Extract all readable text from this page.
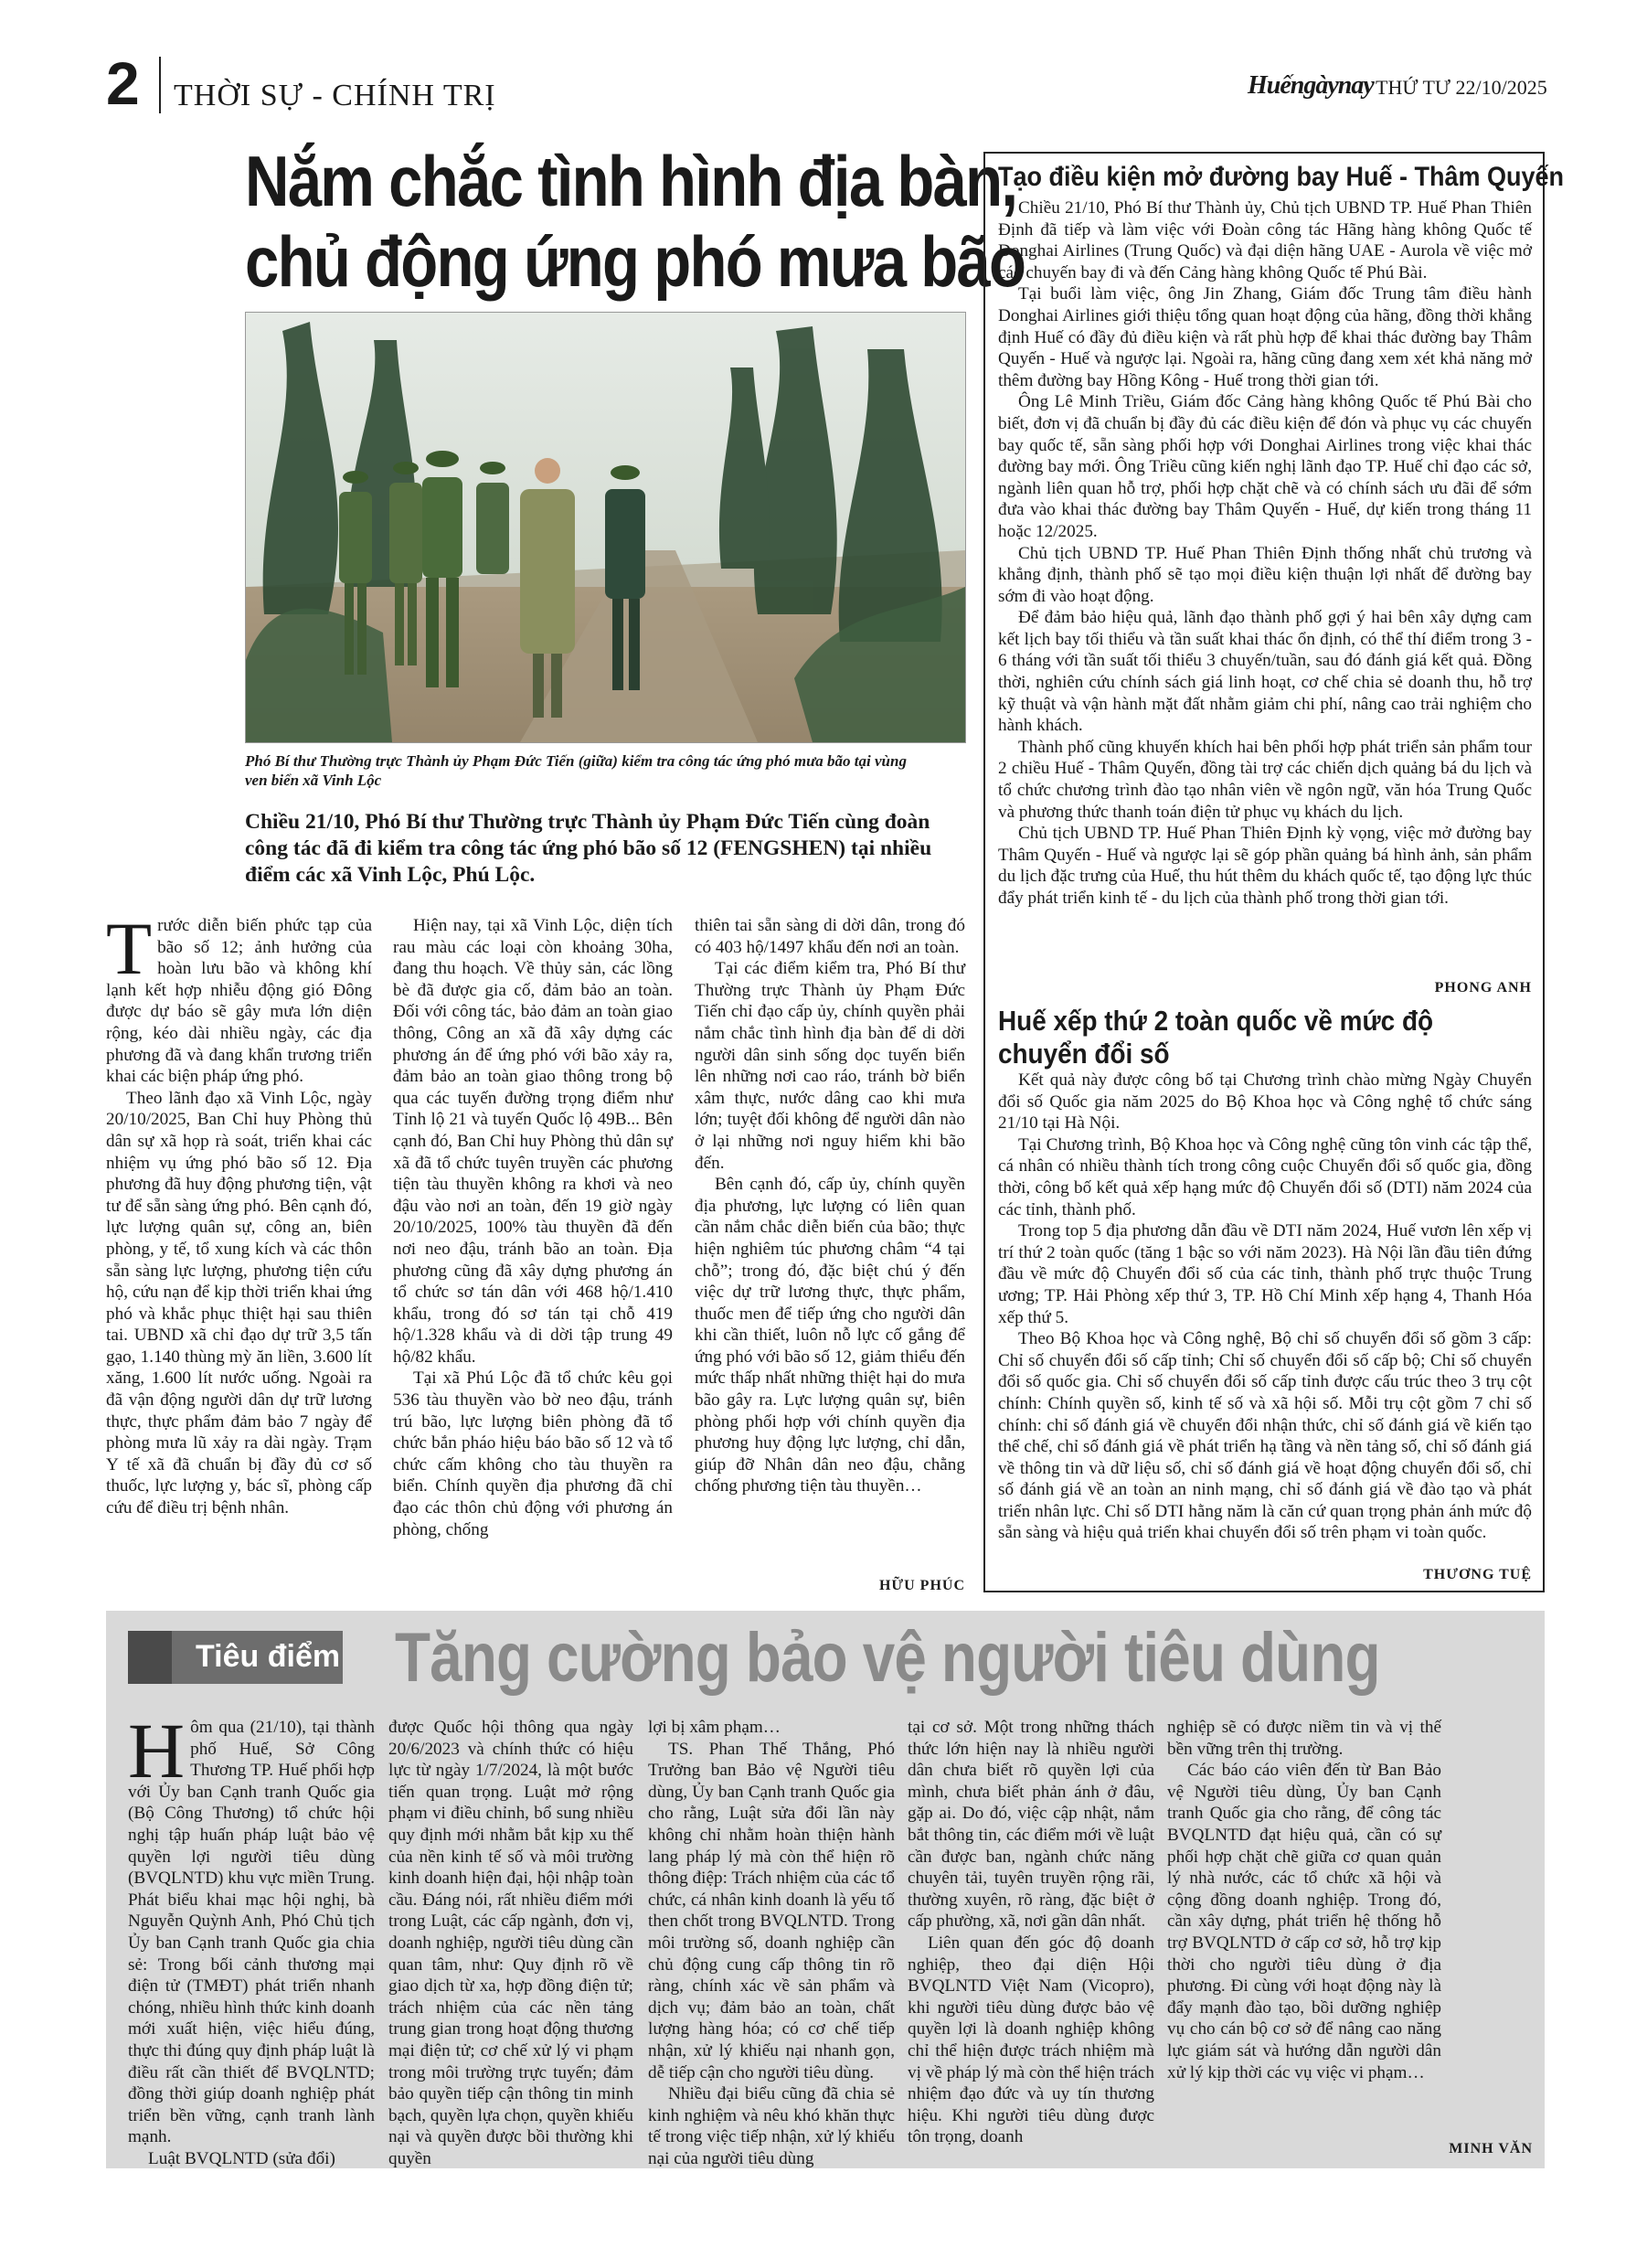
2 THỜI SỰ - CHÍNH TRỊ	Huếngàynay THỨ TƯ 22/10/2025
Nắm chắc tình hình địa bàn,
chủ động ứng phó mưa bão
Phó Bí thư Thường trực Thành ủy Phạm Đức Tiến (giữa) kiểm tra công tác ứng phó mưa bão tại vùng ven biển xã Vinh Lộc
Chiều 21/10, Phó Bí thư Thường trực Thành ủy Phạm Đức Tiến cùng đoàn công tác đã đi kiểm tra công tác ứng phó bão số 12 (FENGSHEN) tại nhiều điểm các xã Vinh Lộc, Phú Lộc.

Trước diễn biến phức tạp của bão số 12; ảnh hưởng của hoàn lưu bão và không khí lạnh kết hợp nhiễu động gió Đông được dự báo sẽ gây mưa lớn diện rộng, kéo dài nhiều ngày, các địa phương đã và đang khẩn trương triển khai các biện pháp ứng phó.

Theo lãnh đạo xã Vinh Lộc, ngày 20/10/2025, Ban Chỉ huy Phòng thủ dân sự xã họp rà soát, triển khai các nhiệm vụ ứng phó bão số 12. Địa phương đã huy động phương tiện, vật tư để sẵn sàng ứng phó. Bên cạnh đó, lực lượng quân sự, công an, biên phòng, y tế, tổ xung kích và các thôn sẵn sàng lực lượng, phương tiện cứu hộ, cứu nạn để kịp thời triển khai ứng phó và khắc phục thiệt hại sau thiên tai. UBND xã chỉ đạo dự trữ 3,5 tấn gạo, 1.140 thùng mỳ ăn liền, 3.600 lít xăng, 1.600 lít nước uống. Ngoài ra đã vận động người dân dự trữ lương thực, thực phẩm đảm bảo 7 ngày để phòng mưa lũ xảy ra dài ngày. Trạm Y tế xã đã chuẩn bị đầy đủ cơ số thuốc, lực lượng y, bác sĩ, phòng cấp cứu để điều trị bệnh nhân.

Hiện nay, tại xã Vinh Lộc, diện tích rau màu các loại còn khoảng 30ha, đang thu hoạch. Về thủy sản, các lồng bè đã được gia cố, đảm bảo an toàn. Đối với công tác, bảo đảm an toàn giao thông, Công an xã đã xây dựng các phương án để ứng phó với bão xảy ra, đảm bảo an toàn giao thông trong bộ qua các tuyến đường trọng điểm như Tỉnh lộ 21 và tuyến Quốc lộ 49B... Bên cạnh đó, Ban Chỉ huy Phòng thủ dân sự xã đã tổ chức tuyên truyền các phương tiện tàu thuyền không ra khơi và neo đậu vào nơi an toàn, đến 19 giờ ngày 20/10/2025, 100% tàu thuyền đã đến nơi neo đậu, tránh bão an toàn. Địa phương cũng đã xây dựng phương án tổ chức sơ tán dân với 468 hộ/1.410 khẩu, trong đó sơ tán tại chỗ 419 hộ/1.328 khẩu và di dời tập trung 49 hộ/82 khẩu.

Tại xã Phú Lộc đã tổ chức kêu gọi 536 tàu thuyền vào bờ neo đậu, tránh trú bão, lực lượng biên phòng đã tổ chức bắn pháo hiệu báo bão số 12 và tổ chức cấm không cho tàu thuyền ra biển. Chính quyền địa phương đã chỉ đạo các thôn chủ động với phương án phòng, chống

thiên tai sẵn sàng di dời dân, trong đó có 403 hộ/1497 khẩu đến nơi an toàn.

Tại các điểm kiểm tra, Phó Bí thư Thường trực Thành ủy Phạm Đức Tiến chỉ đạo cấp ủy, chính quyền phải nắm chắc tình hình địa bàn để di dời người dân sinh sống dọc tuyến biển lên những nơi cao ráo, tránh bờ biển xâm thực, nước dâng cao khi mưa lớn; tuyệt đối không để người dân nào ở lại những nơi nguy hiểm khi bão đến.

Bên cạnh đó, cấp ủy, chính quyền địa phương, lực lượng có liên quan cần nắm chắc diễn biến của bão; thực hiện nghiêm túc phương châm “4 tại chỗ”; trong đó, đặc biệt chú ý đến việc dự trữ lương thực, thực phẩm, thuốc men để tiếp ứng cho người dân khi cần thiết, luôn nỗ lực cố gắng để ứng phó với bão số 12, giảm thiểu đến mức thấp nhất những thiệt hại do mưa bão gây ra. Lực lượng quân sự, biên phòng phối hợp với chính quyền địa phương huy động lực lượng, chỉ dẫn, giúp đỡ Nhân dân neo đậu, chằng chống phương tiện tàu thuyền…

HỮU PHÚC
Tạo điều kiện mở đường bay Huế - Thâm Quyến

Chiều 21/10, Phó Bí thư Thành ủy, Chủ tịch UBND TP. Huế Phan Thiên Định đã tiếp và làm việc với Đoàn công tác Hãng hàng không Quốc tế Donghai Airlines (Trung Quốc) và đại diện hãng UAE - Aurola về việc mở các chuyến bay đi và đến Cảng hàng không Quốc tế Phú Bài.

Tại buổi làm việc, ông Jin Zhang, Giám đốc Trung tâm điều hành Donghai Airlines giới thiệu tổng quan hoạt động của hãng, đồng thời khẳng định Huế có đầy đủ điều kiện và rất phù hợp để khai thác đường bay Thâm Quyến - Huế và ngược lại. Ngoài ra, hãng cũng đang xem xét khả năng mở thêm đường bay Hồng Kông - Huế trong thời gian tới.

Ông Lê Minh Triều, Giám đốc Cảng hàng không Quốc tế Phú Bài cho biết, đơn vị đã chuẩn bị đầy đủ các điều kiện để đón và phục vụ các chuyến bay quốc tế, sẵn sàng phối hợp với Donghai Airlines trong việc khai thác đường bay mới. Ông Triều cũng kiến nghị lãnh đạo TP. Huế chỉ đạo các sở, ngành liên quan hỗ trợ, phối hợp chặt chẽ và có chính sách ưu đãi để sớm đưa vào khai thác đường bay Thâm Quyến - Huế, dự kiến trong tháng 11 hoặc 12/2025.

Chủ tịch UBND TP. Huế Phan Thiên Định thống nhất chủ trương và khẳng định, thành phố sẽ tạo mọi điều kiện thuận lợi nhất để đường bay sớm đi vào hoạt động.

Để đảm bảo hiệu quả, lãnh đạo thành phố gợi ý hai bên xây dựng cam kết lịch bay tối thiểu và tần suất khai thác ổn định, có thể thí điểm trong 3 - 6 tháng với tần suất tối thiểu 3 chuyến/tuần, sau đó đánh giá kết quả. Đồng thời, nghiên cứu chính sách giá linh hoạt, cơ chế chia sẻ doanh thu, hỗ trợ kỹ thuật và vận hành mặt đất nhằm giảm chi phí, nâng cao trải nghiệm cho hành khách.

Thành phố cũng khuyến khích hai bên phối hợp phát triển sản phẩm tour 2 chiều Huế - Thâm Quyến, đồng tài trợ các chiến dịch quảng bá du lịch và tổ chức chương trình đào tạo nhân viên về ngôn ngữ, văn hóa Trung Quốc và phương thức thanh toán điện tử phục vụ khách du lịch.

Chủ tịch UBND TP. Huế Phan Thiên Định kỳ vọng, việc mở đường bay Thâm Quyến - Huế và ngược lại sẽ góp phần quảng bá hình ảnh, sản phẩm du lịch đặc trưng của Huế, thu hút thêm du khách quốc tế, tạo động lực thúc đẩy phát triển kinh tế - du lịch của thành phố trong thời gian tới.

PHONG ANH
Huế xếp thứ 2 toàn quốc về mức độ
chuyển đổi số

Kết quả này được công bố tại Chương trình chào mừng Ngày Chuyển đổi số Quốc gia năm 2025 do Bộ Khoa học và Công nghệ tổ chức sáng 21/10 tại Hà Nội.

Tại Chương trình, Bộ Khoa học và Công nghệ cũng tôn vinh các tập thể, cá nhân có nhiều thành tích trong công cuộc Chuyển đổi số quốc gia, đồng thời, công bố kết quả xếp hạng mức độ Chuyển đổi số (DTI) năm 2024 của các tỉnh, thành phố.

Trong top 5 địa phương dẫn đầu về DTI năm 2024, Huế vươn lên xếp vị trí thứ 2 toàn quốc (tăng 1 bậc so với năm 2023). Hà Nội lần đầu tiên đứng đầu về mức độ Chuyển đổi số của các tỉnh, thành phố trực thuộc Trung ương; TP. Hải Phòng xếp thứ 3, TP. Hồ Chí Minh xếp hạng 4, Thanh Hóa xếp thứ 5.

Theo Bộ Khoa học và Công nghệ, Bộ chỉ số chuyển đổi số gồm 3 cấp: Chỉ số chuyển đổi số cấp tỉnh; Chỉ số chuyển đổi số cấp bộ; Chỉ số chuyển đổi số quốc gia. Chỉ số chuyển đổi số cấp tỉnh được cấu trúc theo 3 trụ cột chính: Chính quyền số, kinh tế số và xã hội số. Mỗi trụ cột gồm 7 chỉ số chính: chỉ số đánh giá về chuyển đổi nhận thức, chỉ số đánh giá về kiến tạo thể chế, chỉ số đánh giá về phát triển hạ tầng và nền tảng số, chỉ số đánh giá về thông tin và dữ liệu số, chỉ số đánh giá về hoạt động chuyển đổi số, chỉ số đánh giá về an toàn an ninh mạng, chỉ số đánh giá về đào tạo và phát triển nhân lực. Chỉ số DTI hằng năm là căn cứ quan trọng phản ánh mức độ sẵn sàng và hiệu quả triển khai chuyển đổi số trên phạm vi toàn quốc.

THƯƠNG TUỆ
Tiêu điểm Tăng cường bảo vệ người tiêu dùng

Hôm qua (21/10), tại thành phố Huế, Sở Công Thương TP. Huế phối hợp với Ủy ban Cạnh tranh Quốc gia (Bộ Công Thương) tổ chức hội nghị tập huấn pháp luật bảo vệ quyền lợi người tiêu dùng (BVQLNTD) khu vực miền Trung. Phát biểu khai mạc hội nghị, bà Nguyễn Quỳnh Anh, Phó Chủ tịch Ủy ban Cạnh tranh Quốc gia chia sẻ: Trong bối cảnh thương mại điện tử (TMĐT) phát triển nhanh chóng, nhiều hình thức kinh doanh mới xuất hiện, việc hiểu đúng, thực thi đúng quy định pháp luật là điều rất cần thiết để BVQLNTD; đồng thời giúp doanh nghiệp phát triển bền vững, cạnh tranh lành mạnh.

Luật BVQLNTD (sửa đổi)

được Quốc hội thông qua ngày 20/6/2023 và chính thức có hiệu lực từ ngày 1/7/2024, là một bước tiến quan trọng. Luật mở rộng phạm vi điều chỉnh, bổ sung nhiều quy định mới nhằm bắt kịp xu thế của nền kinh tế số và môi trường kinh doanh hiện đại, hội nhập toàn cầu. Đáng nói, rất nhiều điểm mới trong Luật, các cấp ngành, đơn vị, doanh nghiệp, người tiêu dùng cần quan tâm, như: Quy định rõ về giao dịch từ xa, hợp đồng điện tử; trách nhiệm của các nền tảng trung gian trong hoạt động thương mại điện tử; cơ chế xử lý vi phạm trong môi trường trực tuyến; đảm bảo quyền tiếp cận thông tin minh bạch, quyền lựa chọn, quyền khiếu nại và quyền được bồi thường khi quyền

lợi bị xâm phạm…

TS. Phan Thế Thắng, Phó Trưởng ban Bảo vệ Người tiêu dùng, Ủy ban Cạnh tranh Quốc gia cho rằng, Luật sửa đổi lần này không chỉ nhằm hoàn thiện hành lang pháp lý mà còn thể hiện rõ thông điệp: Trách nhiệm của các tổ chức, cá nhân kinh doanh là yếu tố then chốt trong BVQLNTD. Trong môi trường số, doanh nghiệp cần chủ động cung cấp thông tin rõ ràng, chính xác về sản phẩm và dịch vụ; đảm bảo an toàn, chất lượng hàng hóa; có cơ chế tiếp nhận, xử lý khiếu nại nhanh gọn, dễ tiếp cận cho người tiêu dùng.

Nhiều đại biểu cũng đã chia sẻ kinh nghiệm và nêu khó khăn thực tế trong việc tiếp nhận, xử lý khiếu nại của người tiêu dùng

tại cơ sở. Một trong những thách thức lớn hiện nay là nhiều người dân chưa biết rõ quyền lợi của mình, chưa biết phản ánh ở đâu, gặp ai. Do đó, việc cập nhật, nắm bắt thông tin, các điểm mới về luật cần được ban, ngành chức năng chuyên tải, tuyên truyền rộng rãi, thường xuyên, rõ ràng, đặc biệt ở cấp phường, xã, nơi gần dân nhất.

Liên quan đến góc độ doanh nghiệp, theo đại diện Hội BVQLNTD Việt Nam (Vicopro), khi người tiêu dùng được bảo vệ quyền lợi là doanh nghiệp không chỉ thể hiện được trách nhiệm mà vị về pháp lý mà còn thể hiện trách nhiệm đạo đức và uy tín thương hiệu. Khi người tiêu dùng được tôn trọng, doanh

nghiệp sẽ có được niềm tin và vị thế bền vững trên thị trường.

Các báo cáo viên đến từ Ban Bảo vệ Người tiêu dùng, Ủy ban Cạnh tranh Quốc gia cho rằng, để công tác BVQLNTD đạt hiệu quả, cần có sự phối hợp chặt chẽ giữa cơ quan quản lý nhà nước, các tổ chức xã hội và cộng đồng doanh nghiệp. Trong đó, cần xây dựng, phát triển hệ thống hỗ trợ BVQLNTD ở cấp cơ sở, hỗ trợ kịp thời cho người tiêu dùng ở địa phương. Đi cùng với hoạt động này là đẩy mạnh đào tạo, bồi dưỡng nghiệp vụ cho cán bộ cơ sở để nâng cao năng lực giám sát và hướng dẫn người dân xử lý kịp thời các vụ việc vi phạm…

MINH VĂN
